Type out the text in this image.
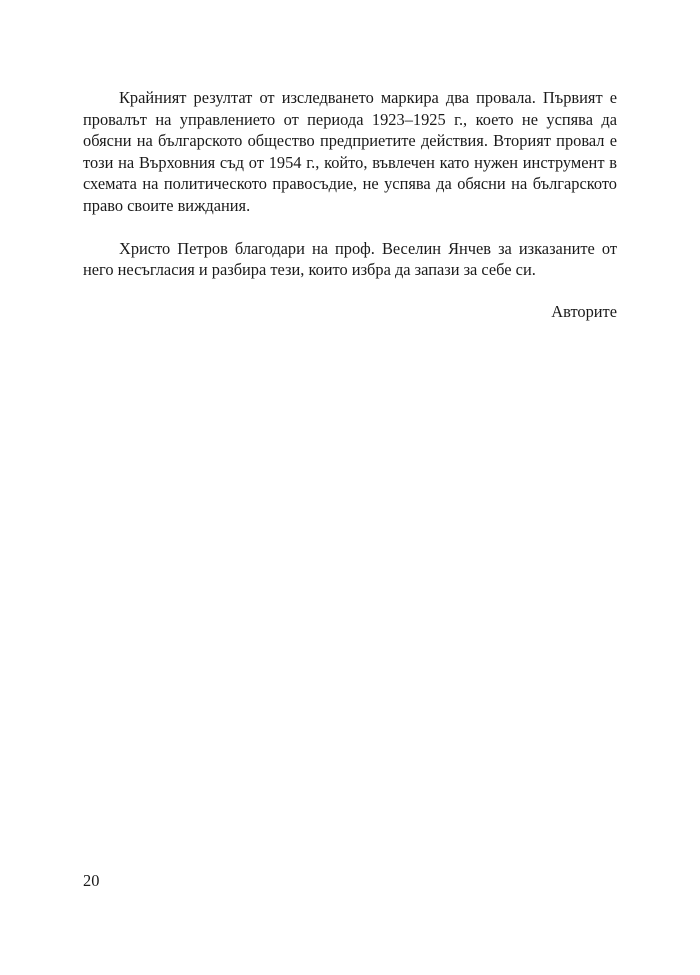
Крайният резултат от изследването маркира два провала. Първият е провалът на управлението от периода 1923–1925 г., което не успява да обясни на българското общество предприетите действия. Вторият провал е този на Върховния съд от 1954 г., който, въвлечен като нужен инструмент в схемата на политическото правосъдие, не успява да обясни на българското право своите виждания.

Христо Петров благодари на проф. Веселин Янчев за изказаните от него несъгласия и разбира тези, които избра да запази за себе си.

Авторите

20
